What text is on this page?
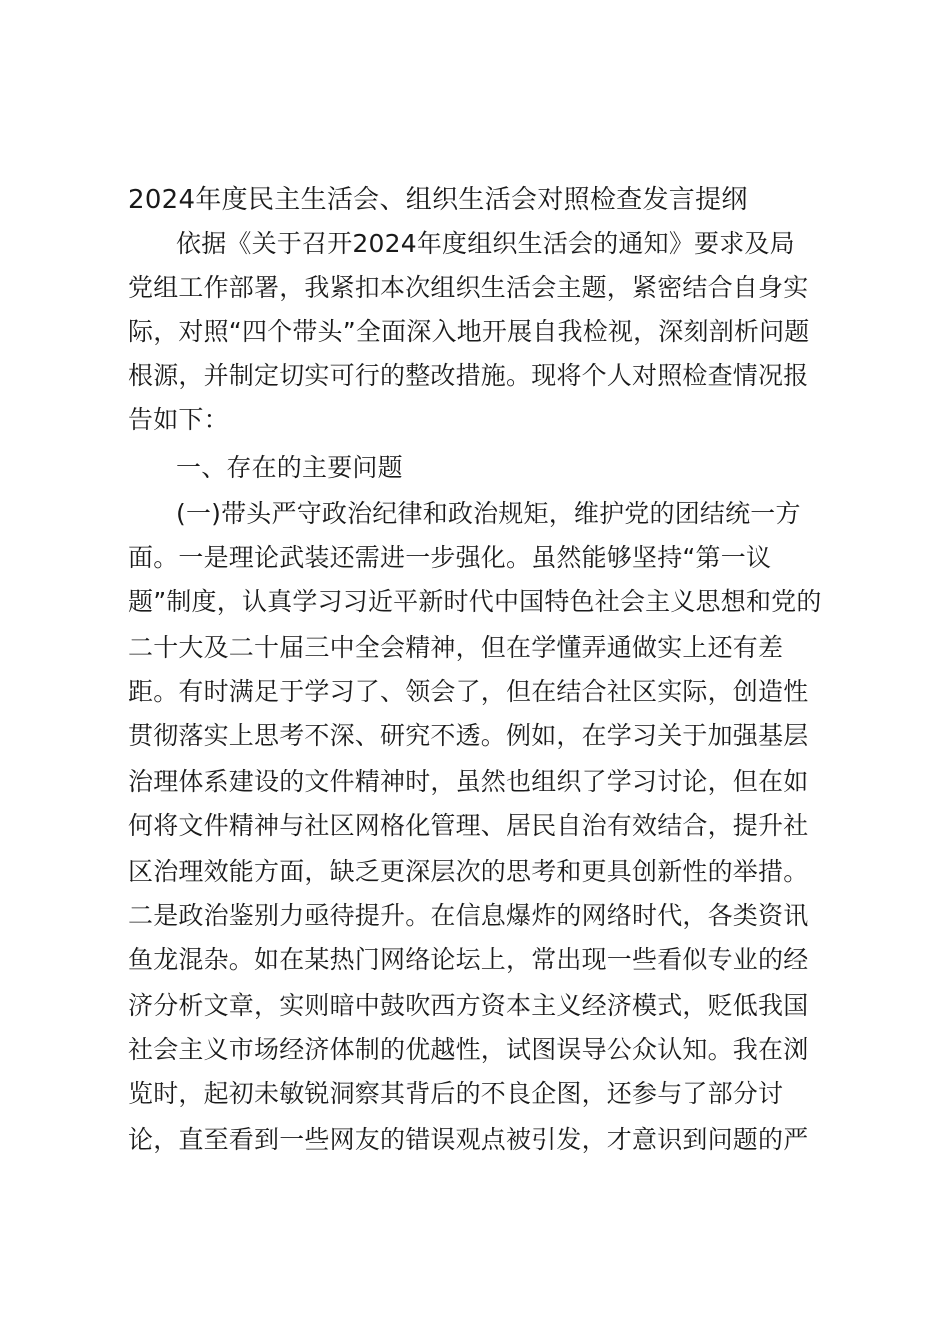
2024年度民主生活会、组织生活会对照检查发言提纲
依据《关于召开2024年度组织生活会的通知》要求及局
党组工作部署，我紧扣本次组织生活会主题，紧密结合自身实
际，对照“四个带头”全面深入地开展自我检视，深刻剖析问题
根源，并制定切实可行的整改措施。现将个人对照检查情况报
告如下：
一、存在的主要问题
(一)带头严守政治纪律和政治规矩，维护党的团结统一方
面。一是理论武装还需进一步强化。虽然能够坚持“第一议
题”制度，认真学习习近平新时代中国特色社会主义思想和党的
二十大及二十届三中全会精神，但在学懂弄通做实上还有差
距。有时满足于学习了、领会了，但在结合社区实际，创造性
贯彻落实上思考不深、研究不透。例如，在学习关于加强基层
治理体系建设的文件精神时，虽然也组织了学习讨论，但在如
何将文件精神与社区网格化管理、居民自治有效结合，提升社
区治理效能方面，缺乏更深层次的思考和更具创新性的举措。
二是政治鉴别力亟待提升。在信息爆炸的网络时代，各类资讯
鱼龙混杂。如在某热门网络论坛上，常出现一些看似专业的经
济分析文章，实则暗中鼓吹西方资本主义经济模式，贬低我国
社会主义市场经济体制的优越性，试图误导公众认知。我在浏
览时，起初未敏锐洞察其背后的不良企图，还参与了部分讨
论，直至看到一些网友的错误观点被引发，才意识到问题的严
